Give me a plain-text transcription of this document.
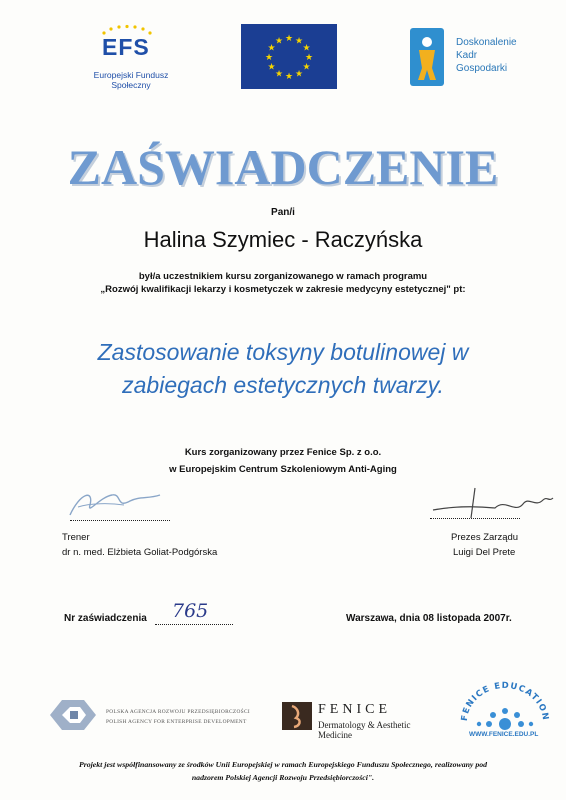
EFS
Europejski Fundusz Społeczny
★ ★
★
★
★
★
★
★
★
★
★
★	Doskonalenie
Kadr
Gospodarki
ZAŚWIADCZENIE
Pan/i
Halina Szymiec - Raczyńska
był/a uczestnikiem kursu zorganizowanego w ramach programu
„Rozwój kwalifikacji lekarzy i kosmetyczek w zakresie medycyny estetycznej" pt:
Zastosowanie toksyny botulinowej w
zabiegach estetycznych twarzy.
Kurs zorganizowany przez Fenice Sp. z o.o.
w Europejskim Centrum Szkoleniowym Anti-Aging
Trener
dr n. med. Elżbieta Goliat-Podgórska
Prezes Zarządu
Luigi Del Prete
Nr zaświadczenia 765	Warszawa, dnia 08 listopada 2007r.
POLSKA AGENCJA ROZWOJU PRZEDSIĘBIORCZOŚCI
POLISH AGENCY FOR ENTERPRISE DEVELOPMENT
FENICE
Dermatology & Aesthetic Medicine
FENICE EDUCATION
WWW.FENICE.EDU.PL
Projekt jest współfinansowany ze środków Unii Europejskiej w ramach Europejskiego Funduszu Społecznego, realizowany pod
nadzorem Polskiej Agencji Rozwoju Przedsiębiorczości".
